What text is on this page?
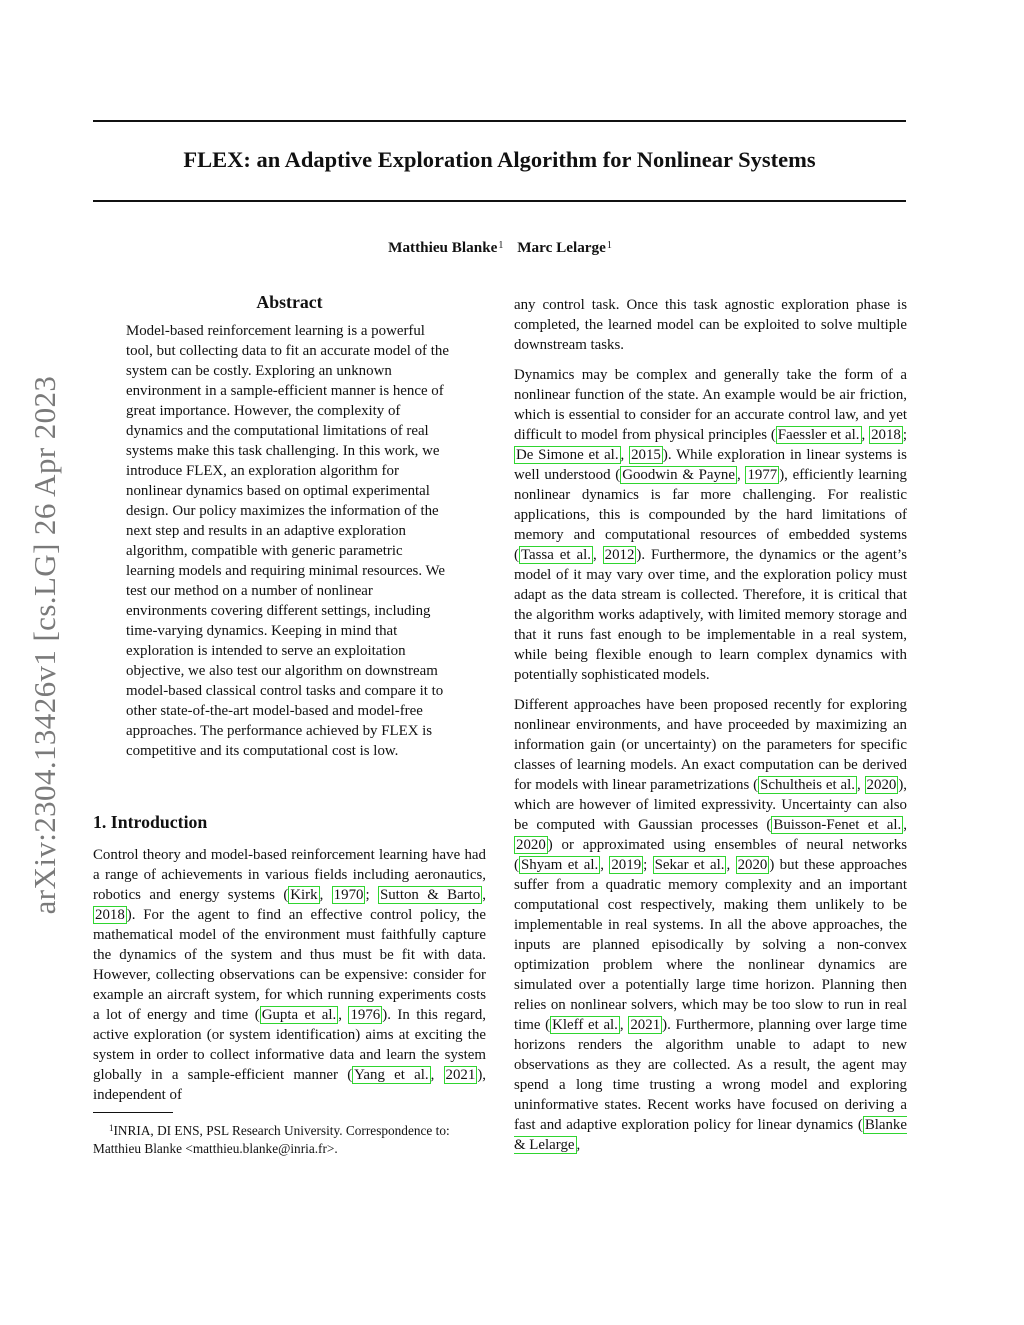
FLEX: an Adaptive Exploration Algorithm for Nonlinear Systems
Matthieu Blanke$^1$ Marc Lelarge$^1$
arXiv:2304.13426v1 [cs.LG] 26 Apr 2023
Abstract
Model-based reinforcement learning is a powerful tool, but collecting data to fit an accurate model of the system can be costly. Exploring an unknown environment in a sample-efficient manner is hence of great importance. However, the complexity of dynamics and the computational limitations of real systems make this task challenging. In this work, we introduce FLEX, an exploration algorithm for nonlinear dynamics based on optimal experimental design. Our policy maximizes the information of the next step and results in an adaptive exploration algorithm, compatible with generic parametric learning models and requiring minimal resources. We test our method on a number of nonlinear environments covering different settings, including time-varying dynamics. Keeping in mind that exploration is intended to serve an exploitation objective, we also test our algorithm on downstream model-based classical control tasks and compare it to other state-of-the-art model-based and model-free approaches. The performance achieved by FLEX is competitive and its computational cost is low.
1. Introduction

Control theory and model-based reinforcement learning have had a range of achievements in various fields including aeronautics, robotics and energy systems ( Kirk , 1970 ; Sutton & Barto , 2018 ). For the agent to find an effective control policy, the mathematical model of the environment must faithfully capture the dynamics of the system and thus must be fit with data. However, collecting observations can be expensive: consider for example an aircraft system, for which running experiments costs a lot of energy and time ( Gupta et al. , 1976 ). In this regard, active exploration (or system identification) aims at exciting the system in order to collect informative data and learn the system globally in a sample-efficient manner ( Yang et al. , 2021 ), independent of

$^1$INRIA, DI ENS, PSL Research University. Correspondence to: Matthieu Blanke <matthieu.blanke@inria.fr>.

any control task. Once this task agnostic exploration phase is completed, the learned model can be exploited to solve multiple downstream tasks.

Dynamics may be complex and generally take the form of a nonlinear function of the state. An example would be air friction, which is essential to consider for an accurate control law, and yet difficult to model from physical principles ( Faessler et al. , 2018 ; De Simone et al. , 2015 ). While exploration in linear systems is well understood ( Goodwin & Payne , 1977 ), efficiently learning nonlinear dynamics is far more challenging. For realistic applications, this is compounded by the hard limitations of memory and computational resources of embedded systems ( Tassa et al. , 2012 ). Furthermore, the dynamics or the agent’s model of it may vary over time, and the exploration policy must adapt as the data stream is collected. Therefore, it is critical that the algorithm works adaptively, with limited memory storage and that it runs fast enough to be implementable in a real system, while being flexible enough to learn complex dynamics with potentially sophisticated models.

Different approaches have been proposed recently for exploring nonlinear environments, and have proceeded by maximizing an information gain (or uncertainty) on the parameters for specific classes of learning models. An exact computation can be derived for models with linear parametrizations ( Schultheis et al. , 2020 ), which are however of limited expressivity. Uncertainty can also be computed with Gaussian processes ( Buisson-Fenet et al. , 2020 ) or approximated using ensembles of neural networks ( Shyam et al. , 2019 ; Sekar et al. , 2020 ) but these approaches suffer from a quadratic memory complexity and an important computational cost respectively, making them unlikely to be implementable in real systems. In all the above approaches, the inputs are planned episodically by solving a non-convex optimization problem where the nonlinear dynamics are simulated over a potentially large time horizon. Planning then relies on nonlinear solvers, which may be too slow to run in real time ( Kleff et al. , 2021 ). Furthermore, planning over large time horizons renders the algorithm unable to adapt to new observations as they are collected. As a result, the agent may spend a long time trusting a wrong model and exploring uninformative states. Recent works have focused on deriving a fast and adaptive exploration policy for linear dynamics ( Blanke & Lelarge ,
